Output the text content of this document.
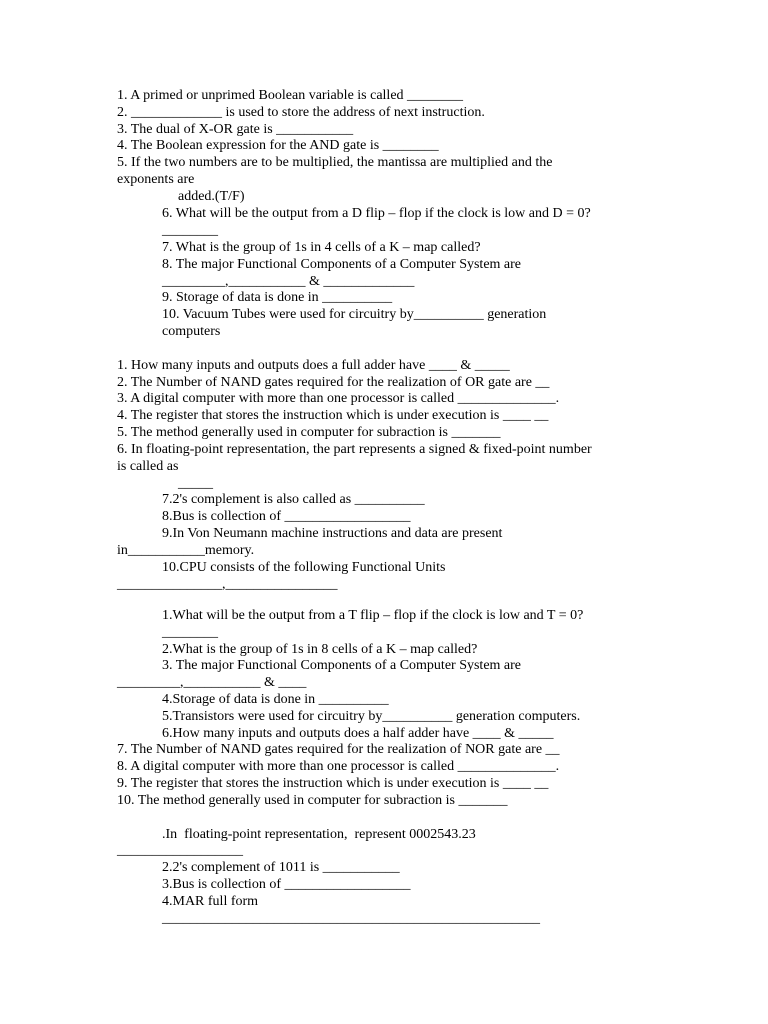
1. A primed or unprimed Boolean variable is called ________
2. _____________ is used to store the address of next instruction.
3. The dual of X-OR gate is ___________
4. The Boolean expression for the AND gate is ________
5. If the two numbers are to be multiplied, the mantissa are multiplied and the
exponents are
added.(T/F)
6. What will be the output from a D flip – flop if the clock is low and D = 0?
________
7. What is the group of 1s in 4 cells of a K – map called?
8. The major Functional Components of a Computer System are
_________,___________ & _____________
9. Storage of data is done in __________
10. Vacuum Tubes were used for circuitry by__________ generation
computers
1. How many inputs and outputs does a full adder have ____ & _____
2. The Number of NAND gates required for the realization of OR gate are __
3. A digital computer with more than one processor is called ______________.
4. The register that stores the instruction which is under execution is ____ __
5. The method generally used in computer for subraction is _______
6. In floating-point representation, the part represents a signed & fixed-point number
is called as
_____
7.2's complement is also called as __________
8.Bus is collection of __________________
9.In Von Neumann machine instructions and data are present
in___________memory.
10.CPU consists of the following Functional Units
_______________,________________
1.What will be the output from a T flip – flop if the clock is low and T = 0?
________
2.What is the group of 1s in 8 cells of a K – map called?
3. The major Functional Components of a Computer System are
_________,___________ & ____
4.Storage of data is done in __________
5.Transistors were used for circuitry by__________ generation computers.
6.How many inputs and outputs does a half adder have ____ & _____
7. The Number of NAND gates required for the realization of NOR gate are __
8. A digital computer with more than one processor is called ______________.
9. The register that stores the instruction which is under execution is ____ __
10. The method generally used in computer for subraction is _______
.In  floating-point representation,  represent 0002543.23
__________________
2.2's complement of 1011 is ___________
3.Bus is collection of __________________
4.MAR full form
______________________________________________________
